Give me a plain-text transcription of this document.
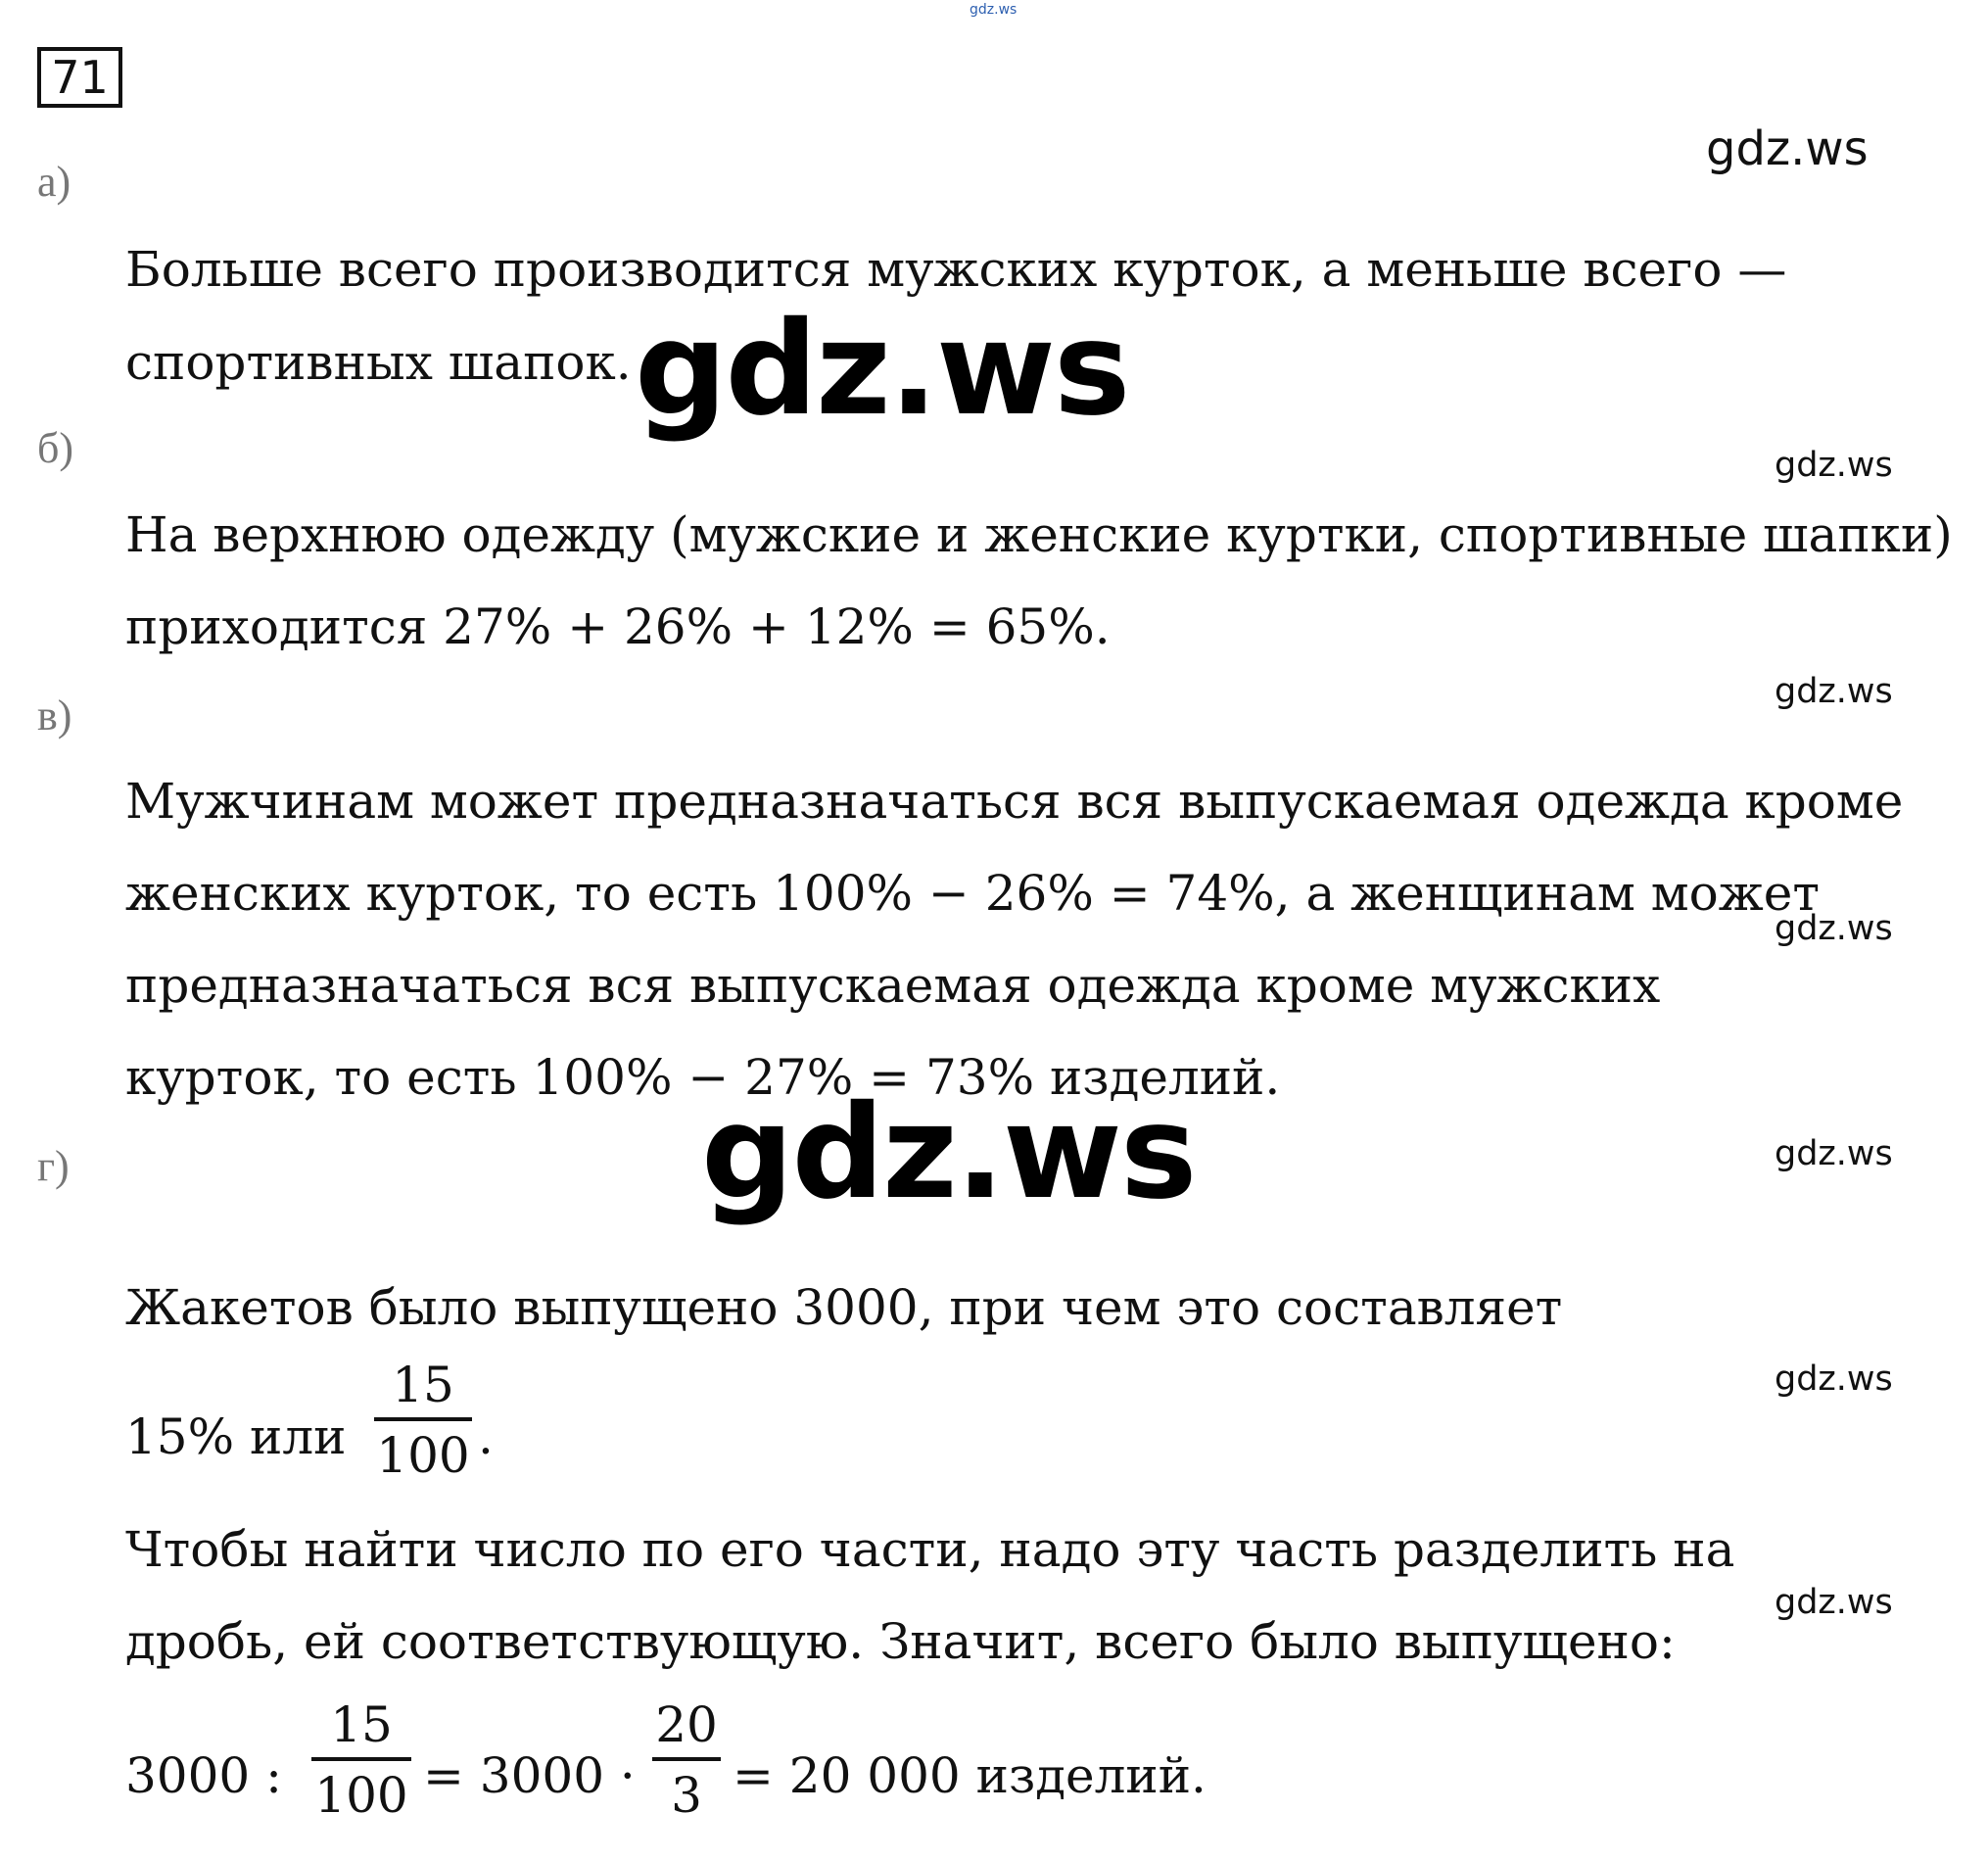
gdz.ws
gdz.ws
71
а)
Больше всего производится мужских курток, а меньше всего —
спортивных шапок. gdz.ws
б)	gdz.ws
На верхнюю одежду (мужские и женские куртки, спортивные шапки)
приходится 27% + 26% + 12% = 65%.
в)	gdz.ws
Мужчинам может предназначаться вся выпускаемая одежда кроме
женских курток, то есть 100% − 26% = 74%, а женщинам может
gdz.ws
предназначаться вся выпускаемая одежда кроме мужских
курток, то есть 100% − 27% = 73% изделий.
г)	gdz.ws
gdz.ws
Жакетов было выпущено 3000, при чем это составляет
gdz.ws
15% или
15
100 .
Чтобы найти число по его части, надо эту часть разделить на
gdz.ws
дробь, ей соответствующую. Значит, всего было выпущено:
3000 :
15
100 = 3000 ·
20
3 = 20 000 изделий.
